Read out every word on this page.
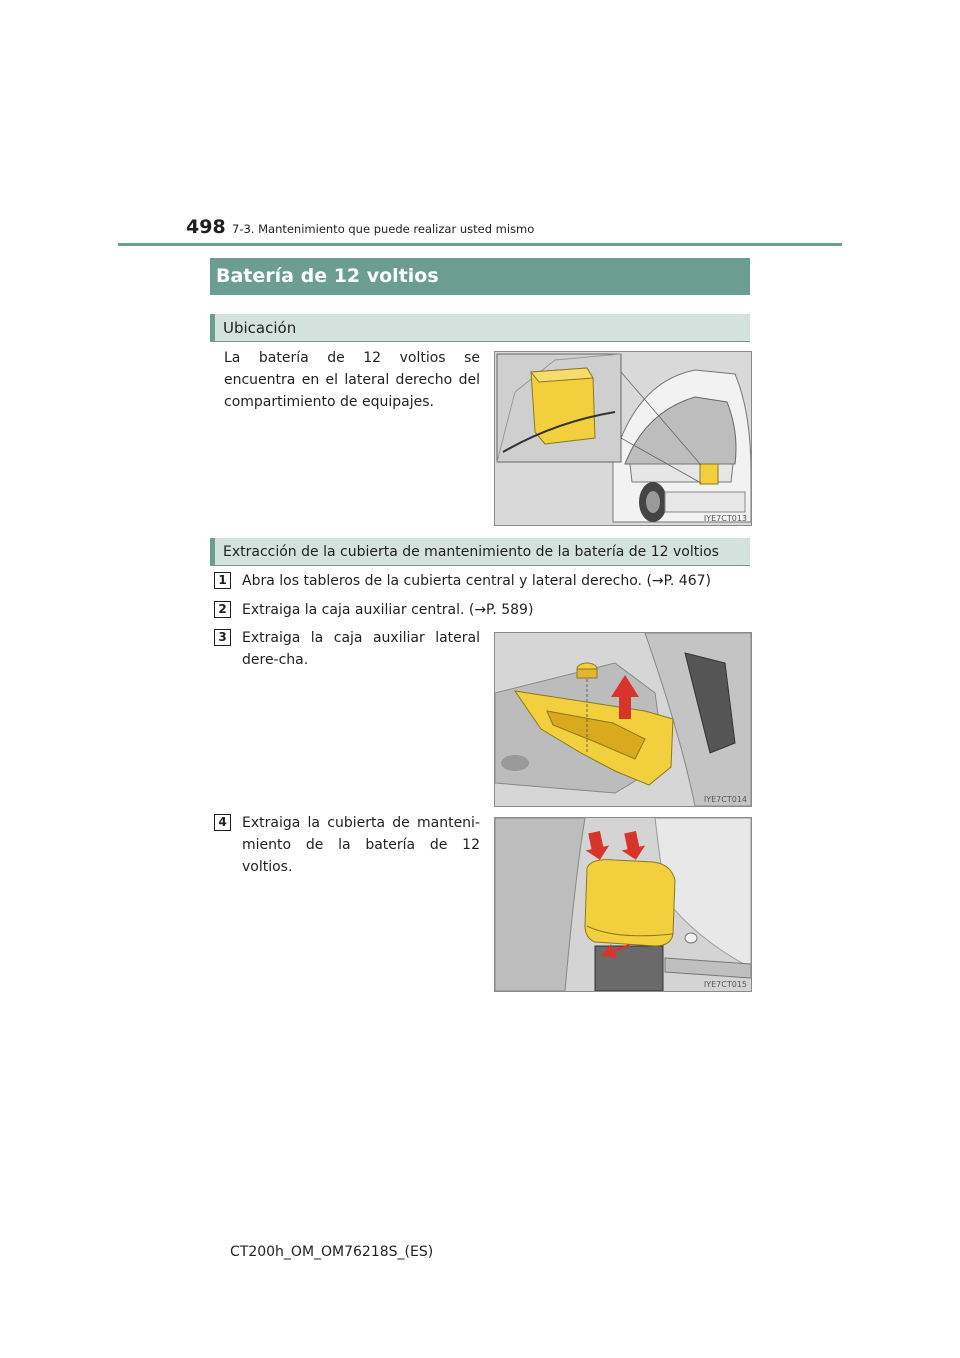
498 7-3. Mantenimiento que puede realizar usted mismo
Batería de 12 voltios
Ubicación
La batería de 12 voltios se encuentra en el lateral derecho del compartimiento de equipajes.
IYE7CT013
Extracción de la cubierta de mantenimiento de la batería de 12 voltios
1	Abra los tableros de la cubierta central y lateral derecho. (→P. 467)
2	Extraiga la caja auxiliar central. (→P. 589)
3	Extraiga la caja auxiliar lateral dere-cha.
IYE7CT014
4	Extraiga la cubierta de manteni-miento de la batería de 12 voltios.
IYE7CT015
CT200h_OM_OM76218S_(ES)
